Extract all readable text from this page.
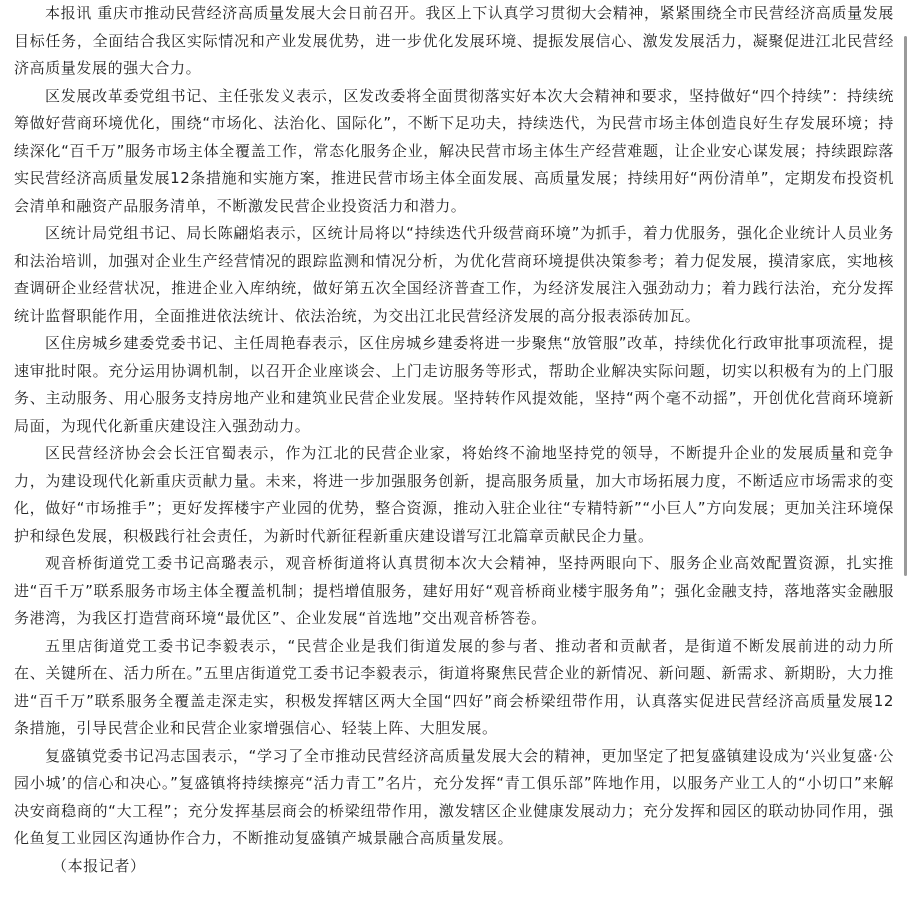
本报讯 重庆市推动民营经济高质量发展大会日前召开。我区上下认真学习贯彻大会精神，紧紧围绕全市民营经济高质量发展目标任务，全面结合我区实际情况和产业发展优势，进一步优化发展环境、提振发展信心、激发发展活力，凝聚促进江北民营经济高质量发展的强大合力。

区发展改革委党组书记、主任张发义表示，区发改委将全面贯彻落实好本次大会精神和要求，坚持做好“四个持续”：持续统筹做好营商环境优化，围绕“市场化、法治化、国际化”，不断下足功夫，持续迭代，为民营市场主体创造良好生存发展环境；持续深化“百千万”服务市场主体全覆盖工作，常态化服务企业，解决民营市场主体生产经营难题，让企业安心谋发展；持续跟踪落实民营经济高质量发展12条措施和实施方案，推进民营市场主体全面发展、高质量发展；持续用好“两份清单”，定期发布投资机会清单和融资产品服务清单，不断激发民营企业投资活力和潜力。

区统计局党组书记、局长陈翩焰表示，区统计局将以“持续迭代升级营商环境”为抓手，着力优服务，强化企业统计人员业务和法治培训，加强对企业生产经营情况的跟踪监测和情况分析，为优化营商环境提供决策参考；着力促发展，摸清家底，实地核查调研企业经营状况，推进企业入库纳统，做好第五次全国经济普查工作，为经济发展注入强劲动力；着力践行法治，充分发挥统计监督职能作用，全面推进依法统计、依法治统，为交出江北民营经济发展的高分报表添砖加瓦。

区住房城乡建委党委书记、主任周艳春表示，区住房城乡建委将进一步聚焦“放管服”改革，持续优化行政审批事项流程，提速审批时限。充分运用协调机制，以召开企业座谈会、上门走访服务等形式，帮助企业解决实际问题，切实以积极有为的上门服务、主动服务、用心服务支持房地产业和建筑业民营企业发展。坚持转作风提效能，坚持“两个毫不动摇”，开创优化营商环境新局面，为现代化新重庆建设注入强劲动力。

区民营经济协会会长汪官蜀表示，作为江北的民营企业家，将始终不渝地坚持党的领导，不断提升企业的发展质量和竞争力，为建设现代化新重庆贡献力量。未来，将进一步加强服务创新，提高服务质量，加大市场拓展力度，不断适应市场需求的变化，做好“市场推手”；更好发挥楼宇产业园的优势，整合资源，推动入驻企业往“专精特新”“小巨人”方向发展；更加关注环境保护和绿色发展，积极践行社会责任，为新时代新征程新重庆建设谱写江北篇章贡献民企力量。

观音桥街道党工委书记高璐表示，观音桥街道将认真贯彻本次大会精神，坚持两眼向下、服务企业高效配置资源，扎实推进“百千万”联系服务市场主体全覆盖机制；提档增值服务，建好用好“观音桥商业楼宇服务角”；强化金融支持，落地落实金融服务港湾，为我区打造营商环境“最优区”、企业发展“首选地”交出观音桥答卷。

五里店街道党工委书记李毅表示，“民营企业是我们街道发展的参与者、推动者和贡献者，是街道不断发展前进的动力所在、关键所在、活力所在。”五里店街道党工委书记李毅表示，街道将聚焦民营企业的新情况、新问题、新需求、新期盼，大力推进“百千万”联系服务全覆盖走深走实，积极发挥辖区两大全国“四好”商会桥梁纽带作用，认真落实促进民营经济高质量发展12条措施，引导民营企业和民营企业家增强信心、轻装上阵、大胆发展。

复盛镇党委书记冯志国表示，“学习了全市推动民营经济高质量发展大会的精神，更加坚定了把复盛镇建设成为‘兴业复盛·公园小城’的信心和决心。”复盛镇将持续擦亮“活力青工”名片，充分发挥“青工俱乐部”阵地作用，以服务产业工人的“小切口”来解决安商稳商的“大工程”；充分发挥基层商会的桥梁纽带作用，激发辖区企业健康发展动力；充分发挥和园区的联动协同作用，强化鱼复工业园区沟通协作合力，不断推动复盛镇产城景融合高质量发展。

（本报记者）
